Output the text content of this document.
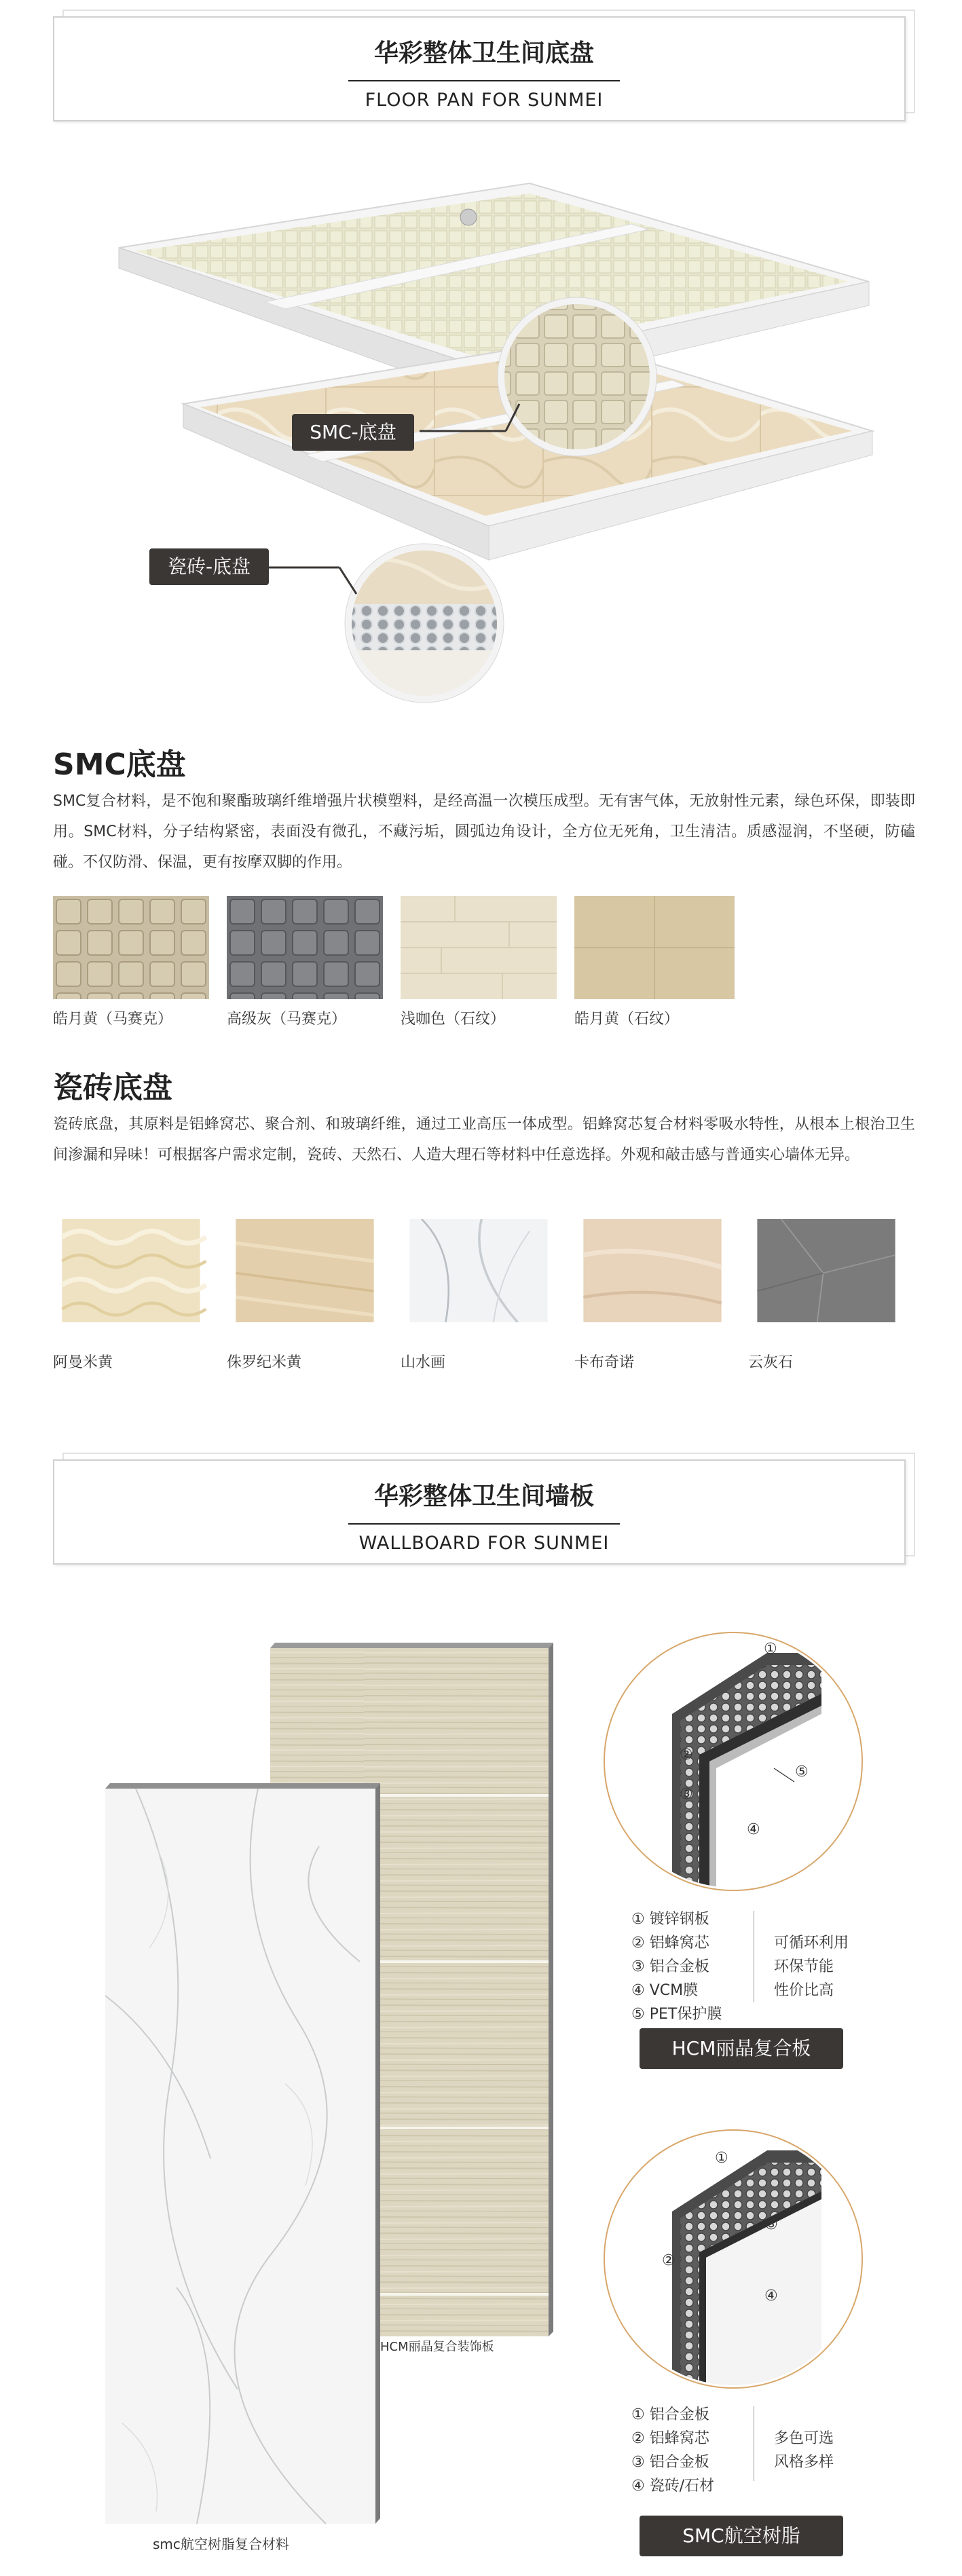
华彩整体卫生间底盘
FLOOR PAN FOR SUNMEI
SMC-底盘
瓷砖-底盘
SMC底盘
SMC复合材料，是不饱和聚酯玻璃纤维增强片状模塑料，是经高温一次模压成型。无有害气体，无放射性元素，绿色环保，即装即用。SMC材料，分子结构紧密，表面没有微孔，不藏污垢，圆弧边角设计，全方位无死角，卫生清洁。质感湿润，不坚硬，防磕碰。不仅防滑、保温，更有按摩双脚的作用。
皓月黄（马赛克）	高级灰（马赛克）	浅咖色（石纹）	皓月黄（石纹）
瓷砖底盘
瓷砖底盘，其原料是铝蜂窝芯、聚合剂、和玻璃纤维，通过工业高压一体成型。铝蜂窝芯复合材料零吸水特性，从根本上根治卫生间渗漏和异味！可根据客户需求定制，瓷砖、天然石、人造大理石等材料中任意选择。外观和敲击感与普通实心墙体无异。
阿曼米黄	侏罗纪米黄	山水画	卡布奇诺	云灰石
华彩整体卫生间墙板
WALLBOARD FOR SUNMEI
HCM丽晶复合装饰板
smc航空树脂复合材料
①
②
③
④
⑤
① 镀锌钢板
② 铝蜂窝芯
③ 铝合金板
④ VCM膜
⑤ PET保护膜
可循环利用
环保节能
性价比高
HCM丽晶复合板
①
②
③
④
① 铝合金板
② 铝蜂窝芯
③ 铝合金板
④ 瓷砖/石材
多色可选
风格多样
SMC航空树脂
